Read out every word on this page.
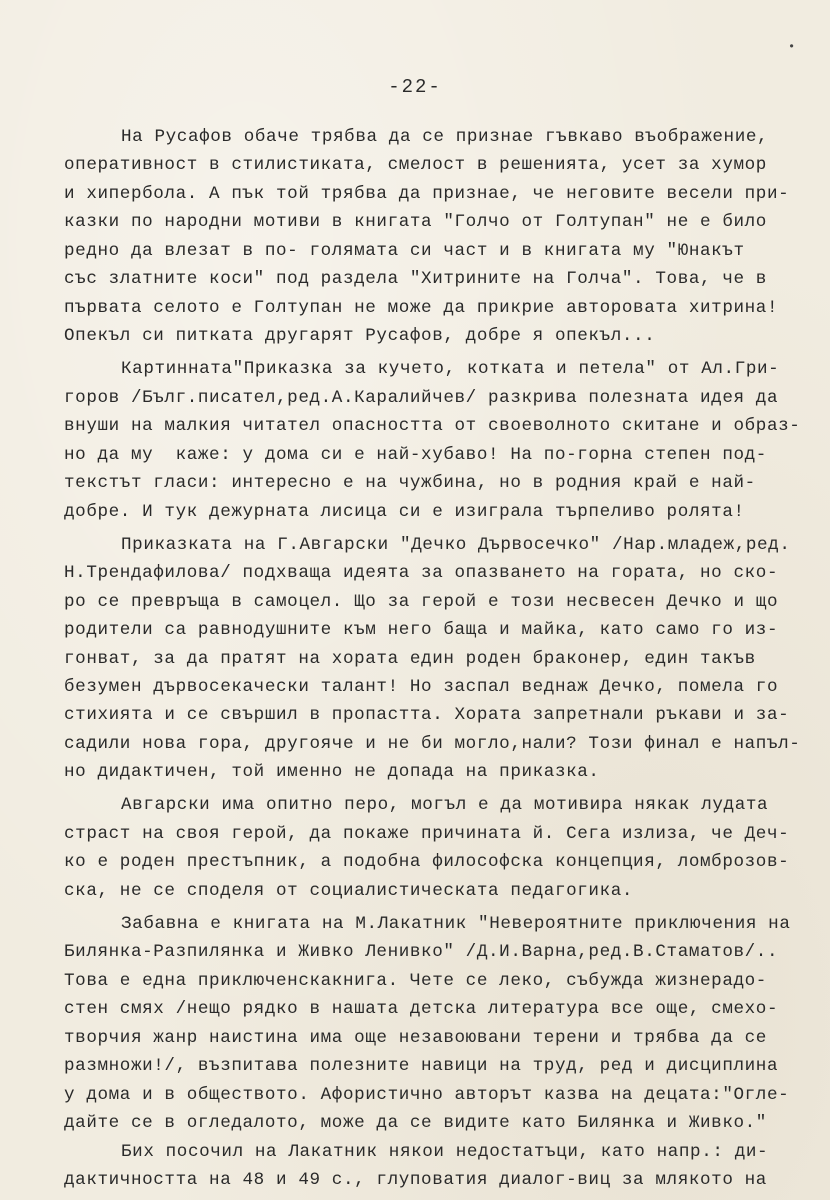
•
-22-
На Русафов обаче трябва да се признае гъвкаво въображение,
оперативност в стилистиката, смелост в решенията, усет за хумор
и хипербола. А пък той трябва да признае, че неговите весели при-
казки по народни мотиви в книгата "Голчо от Голтупан" не е било
редно да влезат в по- голямата си част и в книгата му "Юнакът
със златните коси" под раздела "Хитрините на Голча". Това, че в
първата селото е Голтупан не може да прикрие авторовата хитрина!
Опекъл си питката другарят Русафов, добре я опекъл...
Картинната"Приказка за кучето, котката и петела" от Ал.Гри-
горов /Бълг.писател,ред.А.Каралийчев/ разкрива полезната идея да
внуши на малкия читател опасността от своеволното скитане и образ-
но да му  каже: у дома си е най-хубаво! На по-горна степен под-
текстът гласи: интересно е на чужбина, но в родния край е най-
добре. И тук дежурната лисица си е изиграла търпеливо ролята!
Приказката на Г.Авгарски "Дечко Дървосечко" /Нар.младеж,ред.
Н.Трендафилова/ подхваща идеята за опазването на гората, но ско-
ро се превръща в самоцел. Що за герой е този несвесен Дечко и що
родители са равнодушните към него баща и майка, като само го из-
гонват, за да пратят на хората един роден браконер, един такъв
безумен дървосекачески талант! Но заспал веднаж Дечко, помела го
стихията и се свършил в пропастта. Хората запретнали ръкави и за-
садили нова гора, другояче и не би могло,нали? Този финал е напъл-
но дидактичен, той именно не допада на приказка.
Авгарски има опитно перо, могъл е да мотивира някак лудата
страст на своя герой, да покаже причината й. Сега излиза, че Деч-
ко е роден престъпник, а подобна философска концепция, ломброзов-
ска, не се споделя от социалистическата педагогика.
Забавна е книгата на М.Лакатник "Невероятните приключения на
Билянка-Разпилянка и Живко Ленивко" /Д.И.Варна,ред.В.Стаматов/..
Това е една приключенскакнига. Чете се леко, събужда жизнерадо-
стен смях /нещо рядко в нашата детска литература все още, смехо-
творчия жанр наистина има още незавоювани терени и трябва да се
размножи!/, възпитава полезните навици на труд, ред и дисциплина
у дома и в обществото. Афористично авторът казва на децата:"Огле-
дайте се в огледалото, може да се видите като Билянка и Живко."
Бих посочил на Лакатник някои недостатъци, като напр.: ди-
дактичността на 48 и 49 с., глуповатия диалог-виц за млякото на
